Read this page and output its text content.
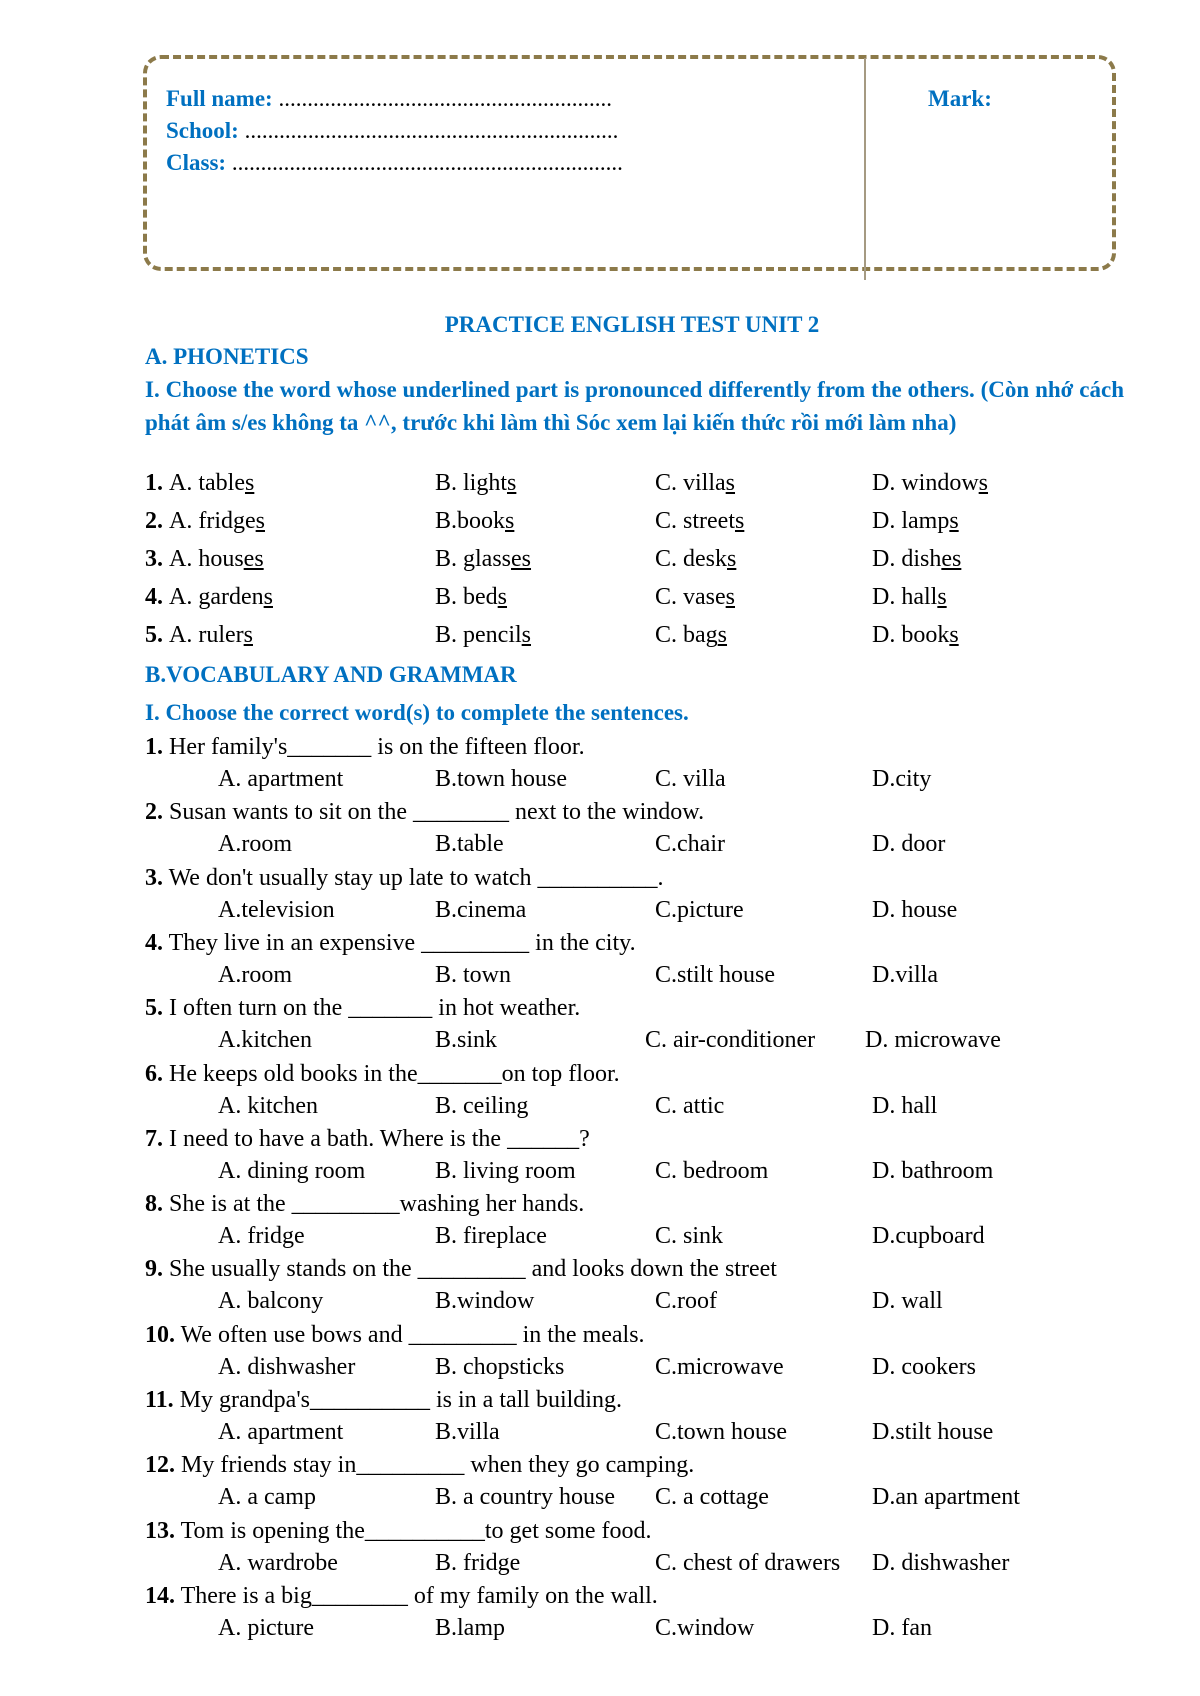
Full name: ..........................................................
School: .................................................................
Class: ....................................................................
Mark:
PRACTICE ENGLISH TEST UNIT 2
A. PHONETICS
I. Choose the word whose underlined part is pronounced differently from the others. (Còn nhớ cách phát âm s/es không ta ^^, trước khi làm thì Sóc xem lại kiến thức rồi mới làm nha)
1. A. tables	B. lights	C. villas	D. windows
2. A. fridges	B.books	C. streets	D. lamps
3. A. houses	B. glasses	C. desks	D. dishes
4. A. gardens	B. beds	C. vases	D. halls
5. A. rulers	B. pencils	C. bags	D. books
B.VOCABULARY AND GRAMMAR
I. Choose the correct word(s) to complete the sentences.
1. Her family's_______ is on the fifteen floor.
A. apartment	B.town house	C. villa	D.city
2. Susan wants to sit on the ________ next to the window.
A.room	B.table	C.chair	D. door
3. We don't usually stay up late to watch __________.
A.television	B.cinema	C.picture	D. house
4. They live in an expensive _________ in the city.
A.room	B. town	C.stilt house	D.villa
5. I often turn on the _______ in hot weather.
A.kitchen	B.sink	C. air-conditioner D. microwave
6. He keeps old books in the_______on top floor.
A. kitchen	B. ceiling	C. attic	D. hall
7. I need to have a bath. Where is the ______?
A. dining room	B. living room	C. bedroom	D. bathroom
8. She is at the _________washing her hands.
A. fridge	B. fireplace	C. sink	D.cupboard
9. She usually stands on the _________ and looks down the street
A. balcony	B.window	C.roof	D. wall
10. We often use bows and _________ in the meals.
A. dishwasher	B. chopsticks	C.microwave	D. cookers
11. My grandpa's__________ is in a tall building.
A. apartment	B.villa	C.town house	D.stilt house
12. My friends stay in_________ when they go camping.
A. a camp	B. a country house C. a cottage	D.an apartment
13. Tom is opening the__________to get some food.
A. wardrobe	B. fridge	C. chest of drawers D. dishwasher
14. There is a big________ of my family on the wall.
A. picture	B.lamp	C.window	D. fan
